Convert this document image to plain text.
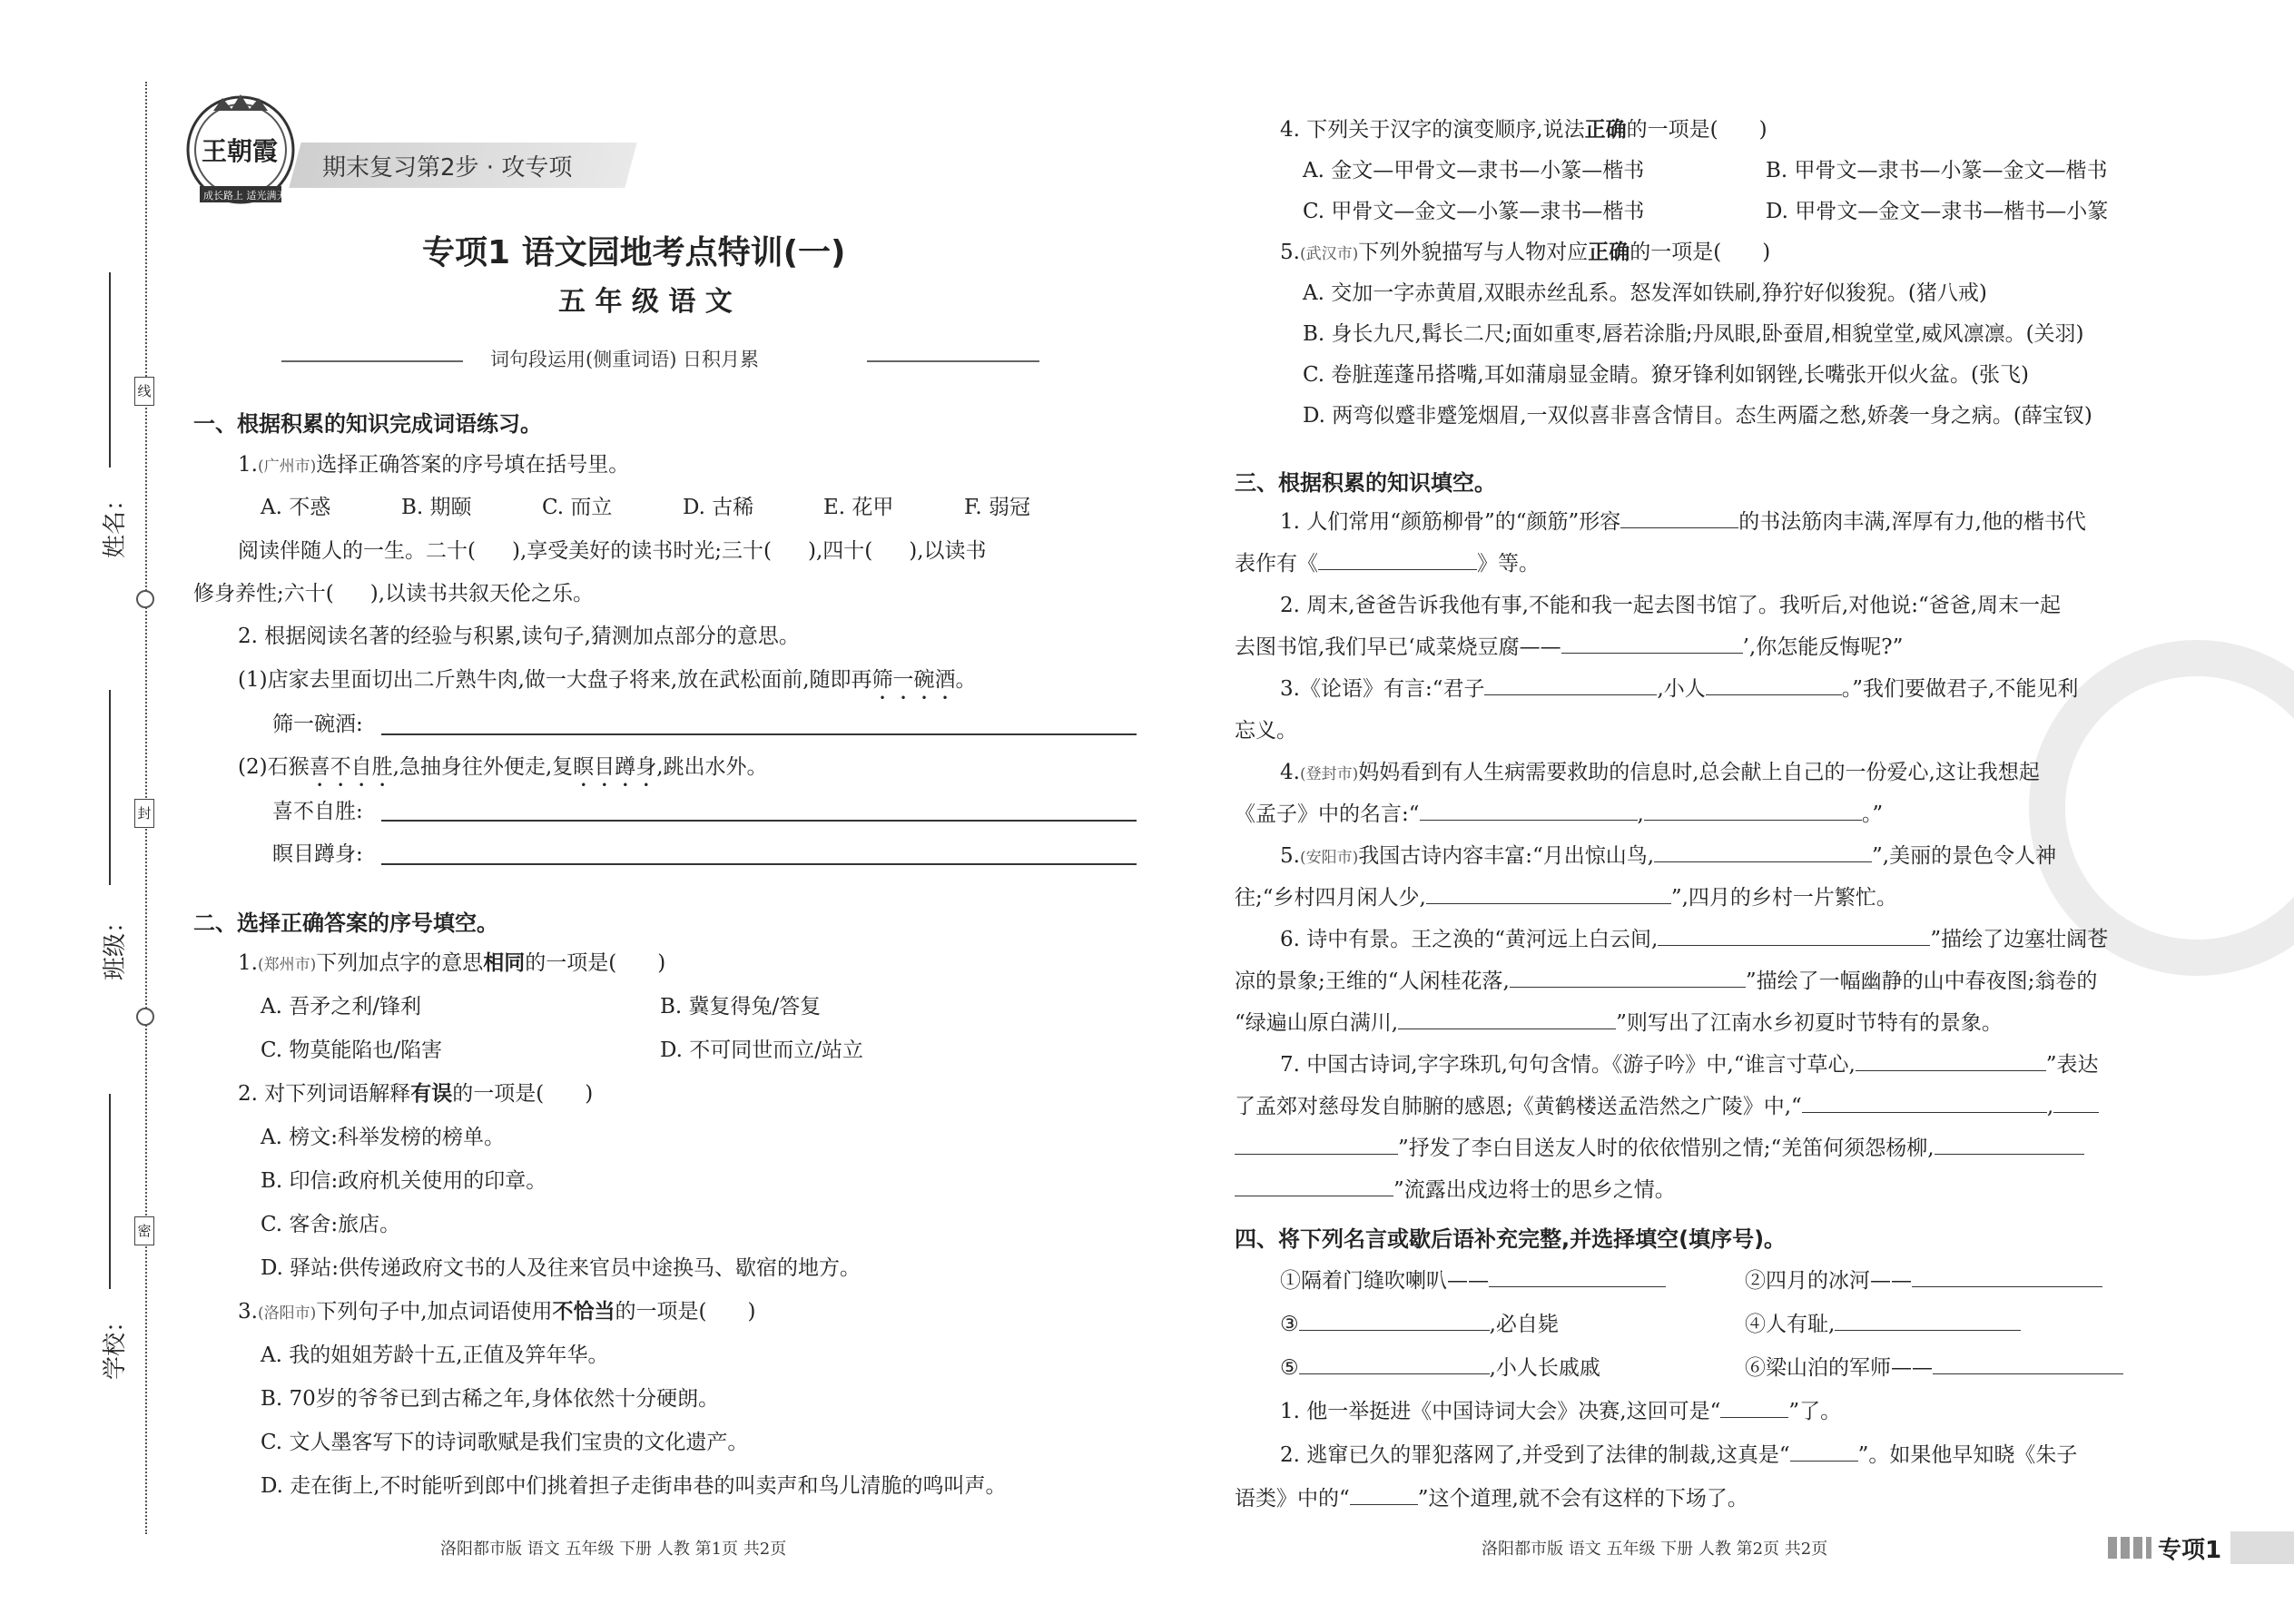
姓名：
班级：
学校：
线
封
密
王朝霞
成长路上 适光满天
期末复习第2步 · 攻专项
专项1 语文园地考点特训(一)
五 年 级 语 文
词句段运用(侧重词语) 日积月累
一、根据积累的知识完成词语练习。
1.(广州市)选择正确答案的序号填在括号里。
A. 不惑	B. 期颐	C. 而立	D. 古稀	E. 花甲	F. 弱冠
阅读伴随人的一生。二十( ),享受美好的读书时光;三十( ),四十( ),以读书
修身养性;六十( ),以读书共叙天伦之乐。
2. 根据阅读名著的经验与积累,读句子,猜测加点部分的意思。
(1)店家去里面切出二斤熟牛肉,做一大盘子将来,放在武松面前,随即再筛一碗酒。
筛一碗酒:
(2)石猴喜不自胜,急抽身往外便走,复瞑目蹲身,跳出水外。
喜不自胜:
瞑目蹲身:
二、选择正确答案的序号填空。
1.(郑州市)下列加点字的意思相同的一项是( )
A. 吾矛之利/锋利	B. 冀复得兔/答复
C. 物莫能陷也/陷害	D. 不可同世而立/站立
2. 对下列词语解释有误的一项是( )
A. 榜文:科举发榜的榜单。
B. 印信:政府机关使用的印章。
C. 客舍:旅店。
D. 驿站:供传递政府文书的人及往来官员中途换马、歇宿的地方。
3.(洛阳市)下列句子中,加点词语使用不恰当的一项是( )
A. 我的姐姐芳龄十五,正值及笄年华。
B. 70岁的爷爷已到古稀之年,身体依然十分硬朗。
C. 文人墨客写下的诗词歌赋是我们宝贵的文化遗产。
D. 走在街上,不时能听到郎中们挑着担子走街串巷的叫卖声和鸟儿清脆的鸣叫声。
洛阳都市版 语文 五年级 下册 人教 第1页 共2页
4. 下列关于汉字的演变顺序,说法正确的一项是( )
A. 金文—甲骨文—隶书—小篆—楷书	B. 甲骨文—隶书—小篆—金文—楷书
C. 甲骨文—金文—小篆—隶书—楷书	D. 甲骨文—金文—隶书—楷书—小篆
5.(武汉市)下列外貌描写与人物对应正确的一项是( )
A. 交加一字赤黄眉,双眼赤丝乱系。怒发浑如铁刷,狰狞好似狻猊。(猪八戒)
B. 身长九尺,髯长二尺;面如重枣,唇若涂脂;丹凤眼,卧蚕眉,相貌堂堂,威风凛凛。(关羽)
C. 卷脏莲蓬吊搭嘴,耳如蒲扇显金睛。獠牙锋利如钢锉,长嘴张开似火盆。(张飞)
D. 两弯似蹙非蹙笼烟眉,一双似喜非喜含情目。态生两靥之愁,娇袭一身之病。(薛宝钗)
三、根据积累的知识填空。
1. 人们常用“颜筋柳骨”的“颜筋”形容	的书法筋肉丰满,浑厚有力,他的楷书代
表作有《	》等。
2. 周末,爸爸告诉我他有事,不能和我一起去图书馆了。我听后,对他说:“爸爸,周末一起
去图书馆,我们早已‘咸菜烧豆腐——	’,你怎能反悔呢?”
3.《论语》有言:“君子	,小人	。”我们要做君子,不能见利
忘义。
4.(登封市)妈妈看到有人生病需要救助的信息时,总会献上自己的一份爱心,这让我想起
《孟子》中的名言:“	,	。”
5.(安阳市)我国古诗内容丰富:“月出惊山鸟,	”,美丽的景色令人神
往;“乡村四月闲人少,	”,四月的乡村一片繁忙。
6. 诗中有景。王之涣的“黄河远上白云间,	”描绘了边塞壮阔苍
凉的景象;王维的“人闲桂花落,	”描绘了一幅幽静的山中春夜图;翁卷的
“绿遍山原白满川,	”则写出了江南水乡初夏时节特有的景象。
7. 中国古诗词,字字珠玑,句句含情。《游子吟》中,“谁言寸草心,	”表达
了孟郊对慈母发自肺腑的感恩;《黄鹤楼送孟浩然之广陵》中,“	,
”抒发了李白目送友人时的依依惜别之情;“羌笛何须怨杨柳,
”流露出戍边将士的思乡之情。
四、将下列名言或歇后语补充完整,并选择填空(填序号)。
①隔着门缝吹喇叭——	②四月的冰河——
③	,必自毙	④人有耻,
⑤	,小人长戚戚	⑥梁山泊的军师——
1. 他一举挺进《中国诗词大会》决赛,这回可是“	”了。
2. 逃窜已久的罪犯落网了,并受到了法律的制裁,这真是“	”。如果他早知晓《朱子
语类》中的“	”这个道理,就不会有这样的下场了。
洛阳都市版 语文 五年级 下册 人教 第2页 共2页	专项1
